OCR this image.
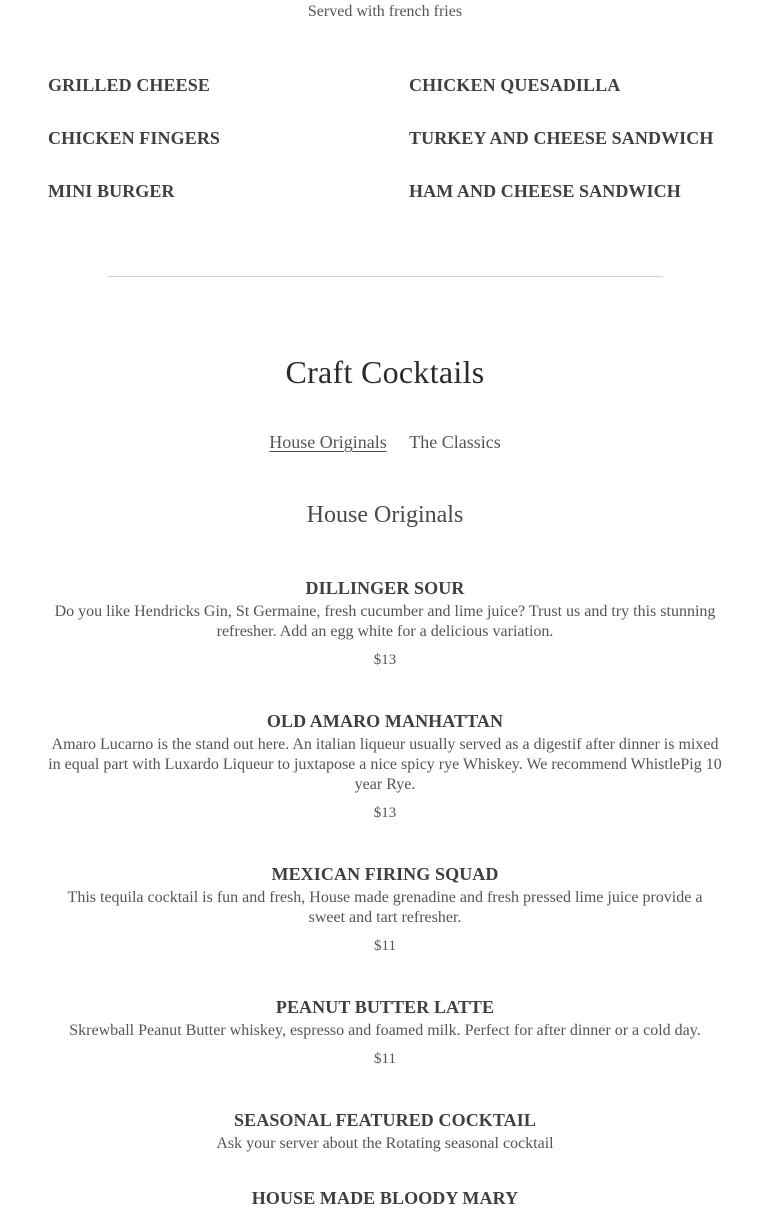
Served with french fries
GRILLED CHEESE	CHICKEN QUESADILLA
CHICKEN FINGERS	TURKEY AND CHEESE SANDWICH
MINI BURGER	HAM AND CHEESE SANDWICH
Craft Cocktails
House Originals The Classics
House Originals
DILLINGER SOUR
Do you like Hendricks Gin, St Germaine, fresh cucumber and lime juice? Trust us and try this stunning refresher. Add an egg white for a delicious variation.
$13
OLD AMARO MANHATTAN
Amaro Lucarno is the stand out here. An italian liqueur usually served as a digestif after dinner is mixed in equal part with Luxardo Liqueur to juxtapose a nice spicy rye Whiskey. We recommend WhistlePig 10 year Rye.
$13
MEXICAN FIRING SQUAD
This tequila cocktail is fun and fresh, House made grenadine and fresh pressed lime juice provide a sweet and tart refresher.
$11
PEANUT BUTTER LATTE
Skrewball Peanut Butter whiskey, espresso and foamed milk. Perfect for after dinner or a cold day.
$11
SEASONAL FEATURED COCKTAIL
Ask your server about the Rotating seasonal cocktail
HOUSE MADE BLOODY MARY
